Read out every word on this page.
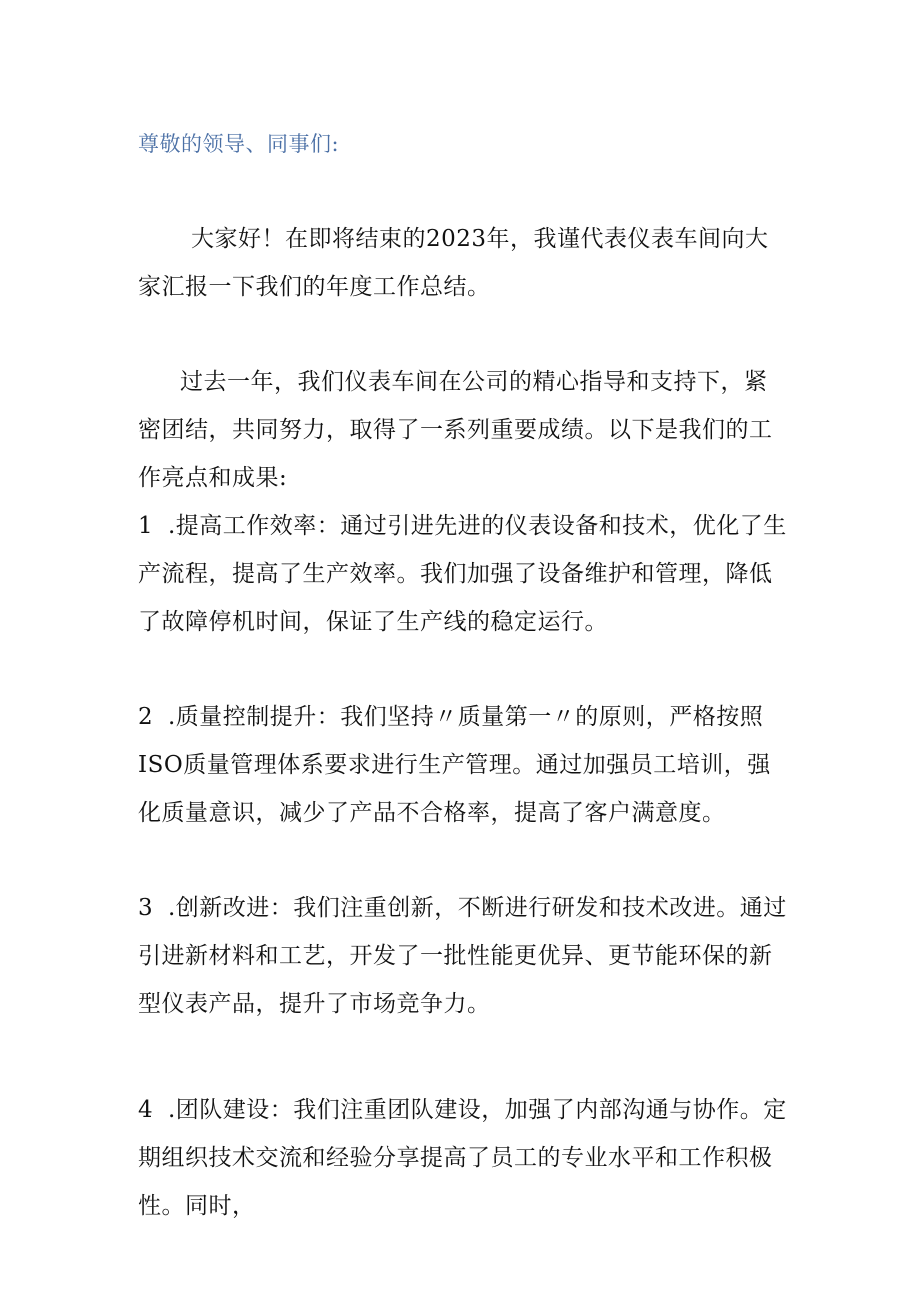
尊敬的领导、同事们:

大家好！在即将结束的2023年，我谨代表仪表车间向大家汇报一下我们的年度工作总结。

过去一年，我们仪表车间在公司的精心指导和支持下，紧密团结，共同努力，取得了一系列重要成绩。以下是我们的工作亮点和成果:

1 .提高工作效率：通过引进先进的仪表设备和技术，优化了生产流程，提高了生产效率。我们加强了设备维护和管理，降低了故障停机时间，保证了生产线的稳定运行。

2 .质量控制提升：我们坚持〃质量第一〃的原则，严格按照ISO质量管理体系要求进行生产管理。通过加强员工培训，强化质量意识，减少了产品不合格率，提高了客户满意度。

3 .创新改进：我们注重创新，不断进行研发和技术改进。通过引进新材料和工艺，开发了一批性能更优异、更节能环保的新型仪表产品，提升了市场竞争力。

4 .团队建设：我们注重团队建设，加强了内部沟通与协作。定期组织技术交流和经验分享提高了员工的专业水平和工作积极性。同时，
